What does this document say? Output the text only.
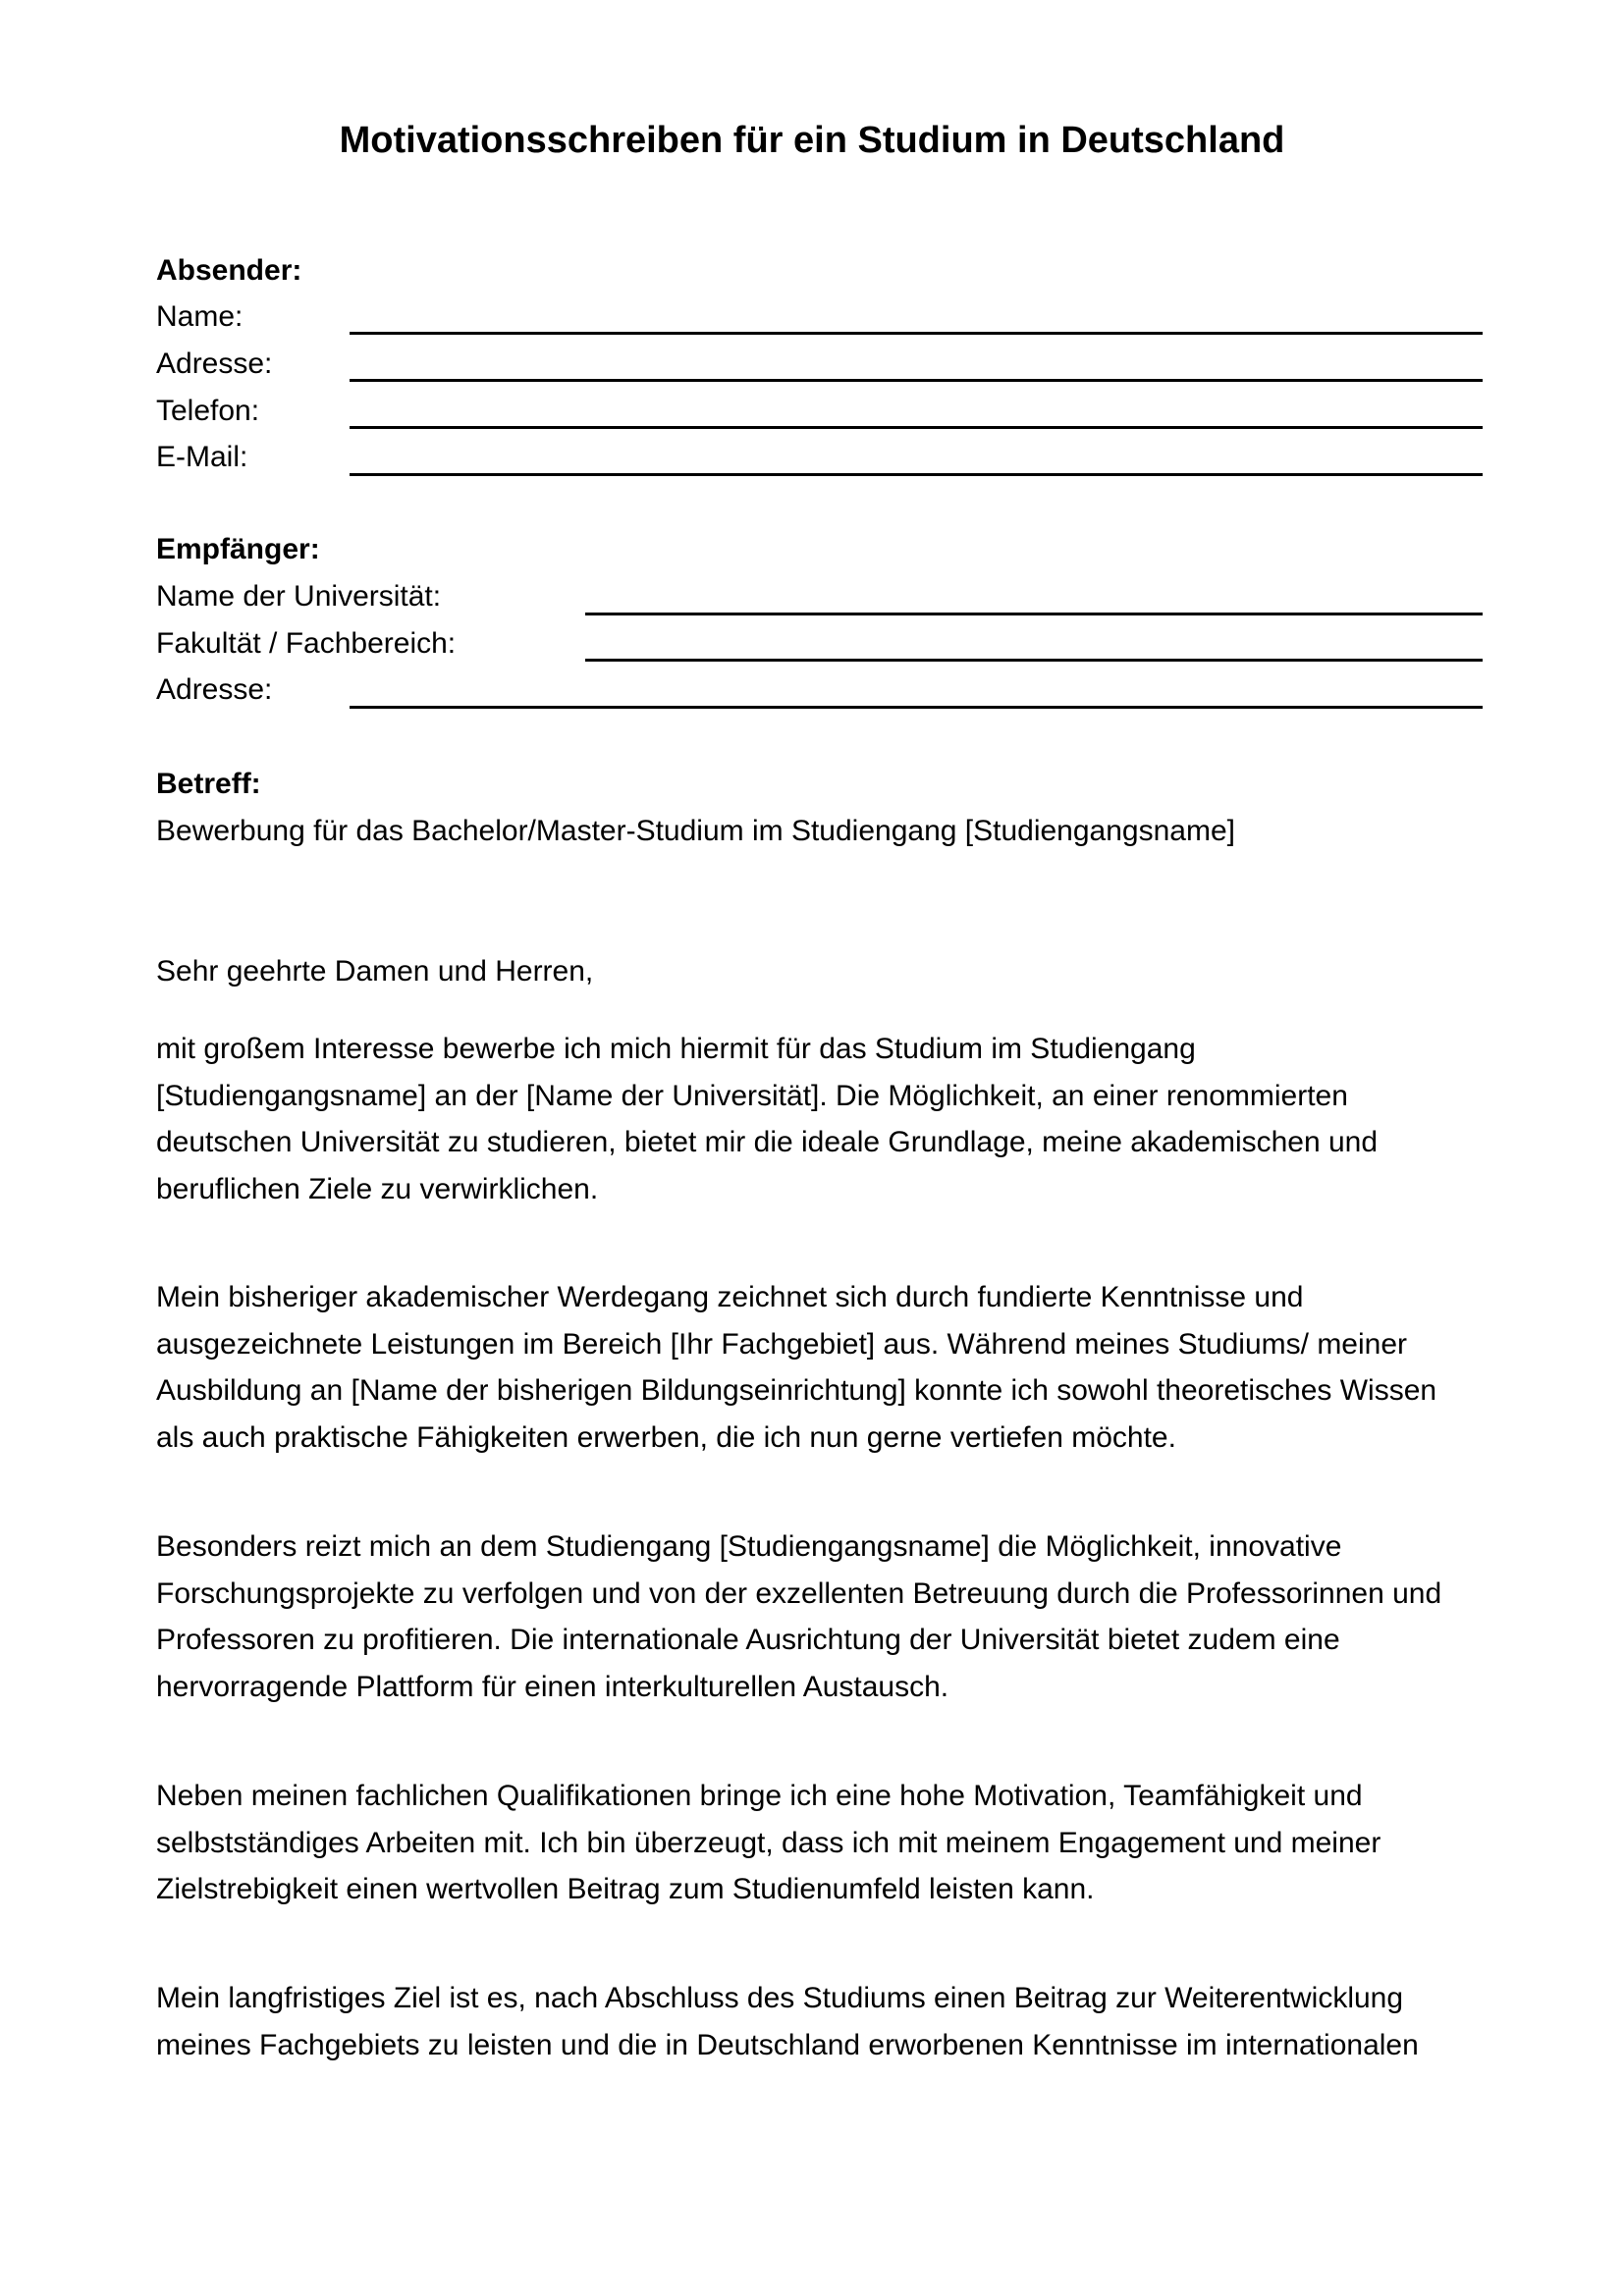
Motivationsschreiben für ein Studium in Deutschland
Absender:
Name:
Adresse:
Telefon:
E-Mail:
Empfänger:
Name der Universität:
Fakultät / Fachbereich:
Adresse:
Betreff:
Bewerbung für das Bachelor/Master-Studium im Studiengang [Studiengangsname]
Sehr geehrte Damen und Herren,
mit großem Interesse bewerbe ich mich hiermit für das Studium im Studiengang
[Studiengangsname] an der [Name der Universität]. Die Möglichkeit, an einer renommierten
deutschen Universität zu studieren, bietet mir die ideale Grundlage, meine akademischen und
beruflichen Ziele zu verwirklichen.
Mein bisheriger akademischer Werdegang zeichnet sich durch fundierte Kenntnisse und
ausgezeichnete Leistungen im Bereich [Ihr Fachgebiet] aus. Während meines Studiums/ meiner
Ausbildung an [Name der bisherigen Bildungseinrichtung] konnte ich sowohl theoretisches Wissen
als auch praktische Fähigkeiten erwerben, die ich nun gerne vertiefen möchte.
Besonders reizt mich an dem Studiengang [Studiengangsname] die Möglichkeit, innovative
Forschungsprojekte zu verfolgen und von der exzellenten Betreuung durch die Professorinnen und
Professoren zu profitieren. Die internationale Ausrichtung der Universität bietet zudem eine
hervorragende Plattform für einen interkulturellen Austausch.
Neben meinen fachlichen Qualifikationen bringe ich eine hohe Motivation, Teamfähigkeit und
selbstständiges Arbeiten mit. Ich bin überzeugt, dass ich mit meinem Engagement und meiner
Zielstrebigkeit einen wertvollen Beitrag zum Studienumfeld leisten kann.
Mein langfristiges Ziel ist es, nach Abschluss des Studiums einen Beitrag zur Weiterentwicklung
meines Fachgebiets zu leisten und die in Deutschland erworbenen Kenntnisse im internationalen
